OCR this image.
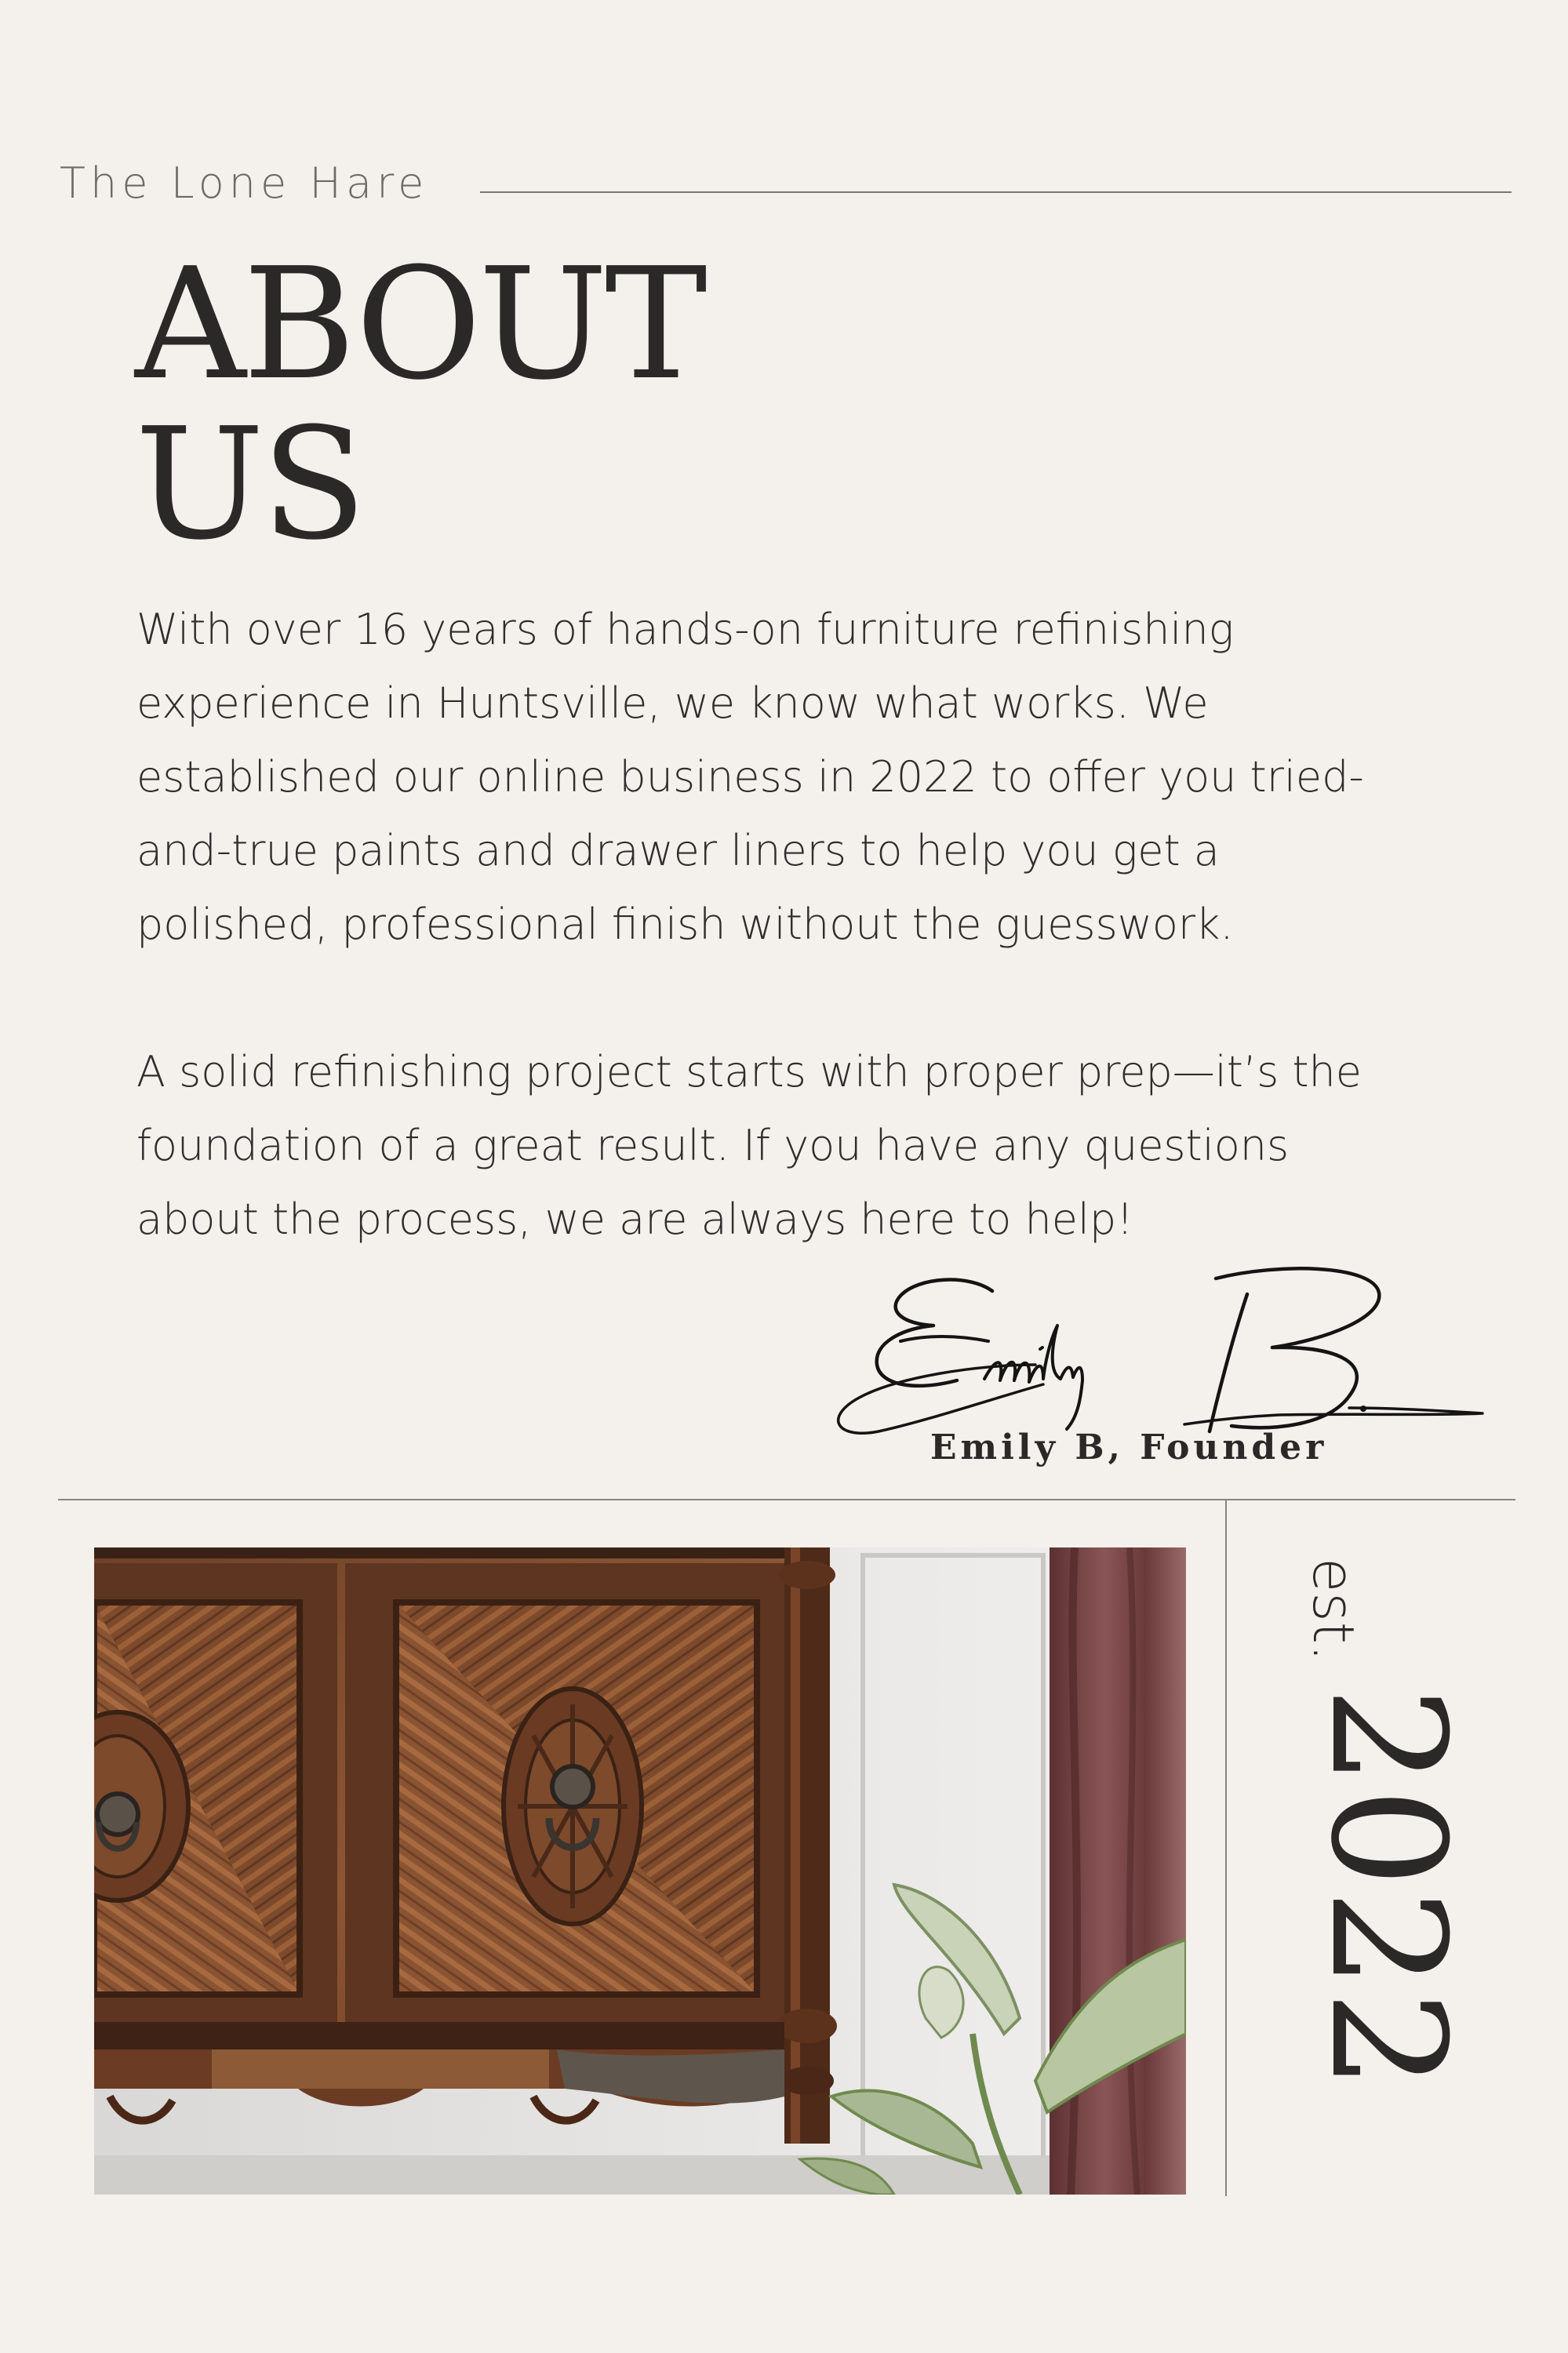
The Lone Hare
ABOUT
US

With over 16 years of hands-on furniture refinishing
experience in Huntsville, we know what works. We
established our online business in 2022 to offer you tried-
and-true paints and drawer liners to help you get a
polished, professional finish without the guesswork.

A solid refinishing project starts with proper prep—it’s the
foundation of a great result. If you have any questions
about the process, we are always here to help!

Emily B, Founder
est.
2022
